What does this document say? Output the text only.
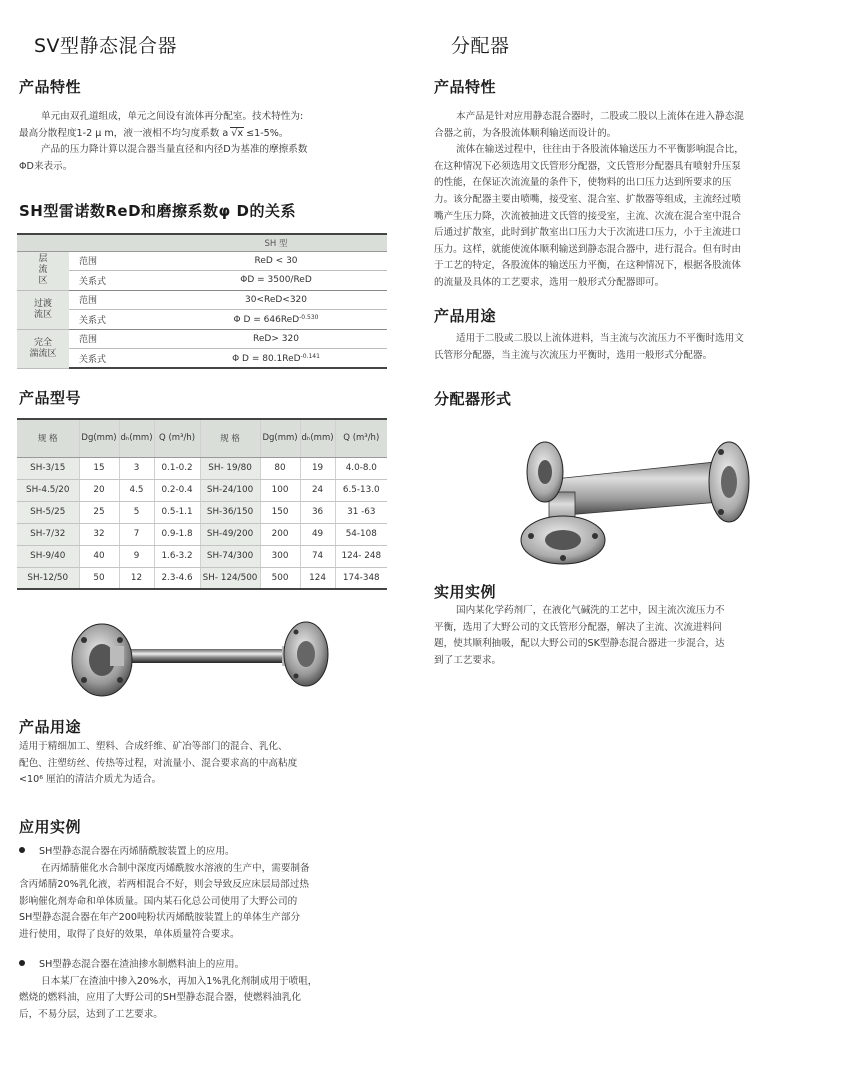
SV型静态混合器
产品特性
单元由双孔道组成，单元之间设有流体再分配室。技术特性为:
最高分散程度1-2 μ m，液一液相不均匀度系数 a √x ≤1-5%。
产品的压力降计算以混合器当量直径和内径D为基准的摩擦系数
ΦD来表示。
SH型雷诺数ReD和磨擦系数φ D的关系
		SH 型
层
流
区	范围	ReD < 30
	关系式	ΦD = 3500/ReD
过渡
流区	范围	30<ReD<320
	关系式	Φ D = 646ReD$^{-0.530}$
完全
湍流区	范围	ReD> 320
	关系式	Φ D = 80.1ReD$^{-0.141}$
产品型号
规 格	Dg(mm)	dₕ(mm)	Q (m³/h)	规 格	Dg(mm)	dₕ(mm)	Q (m³/h)
SH-3/15	15	3	0.1-0.2	SH- 19/80	80	19	4.0-8.0
SH-4.5/20	20	4.5	0.2-0.4	SH-24/100	100	24	6.5-13.0
SH-5/25	25	5	0.5-1.1	SH-36/150	150	36	31 -63
SH-7/32	32	7	0.9-1.8	SH-49/200	200	49	54-108
SH-9/40	40	9	1.6-3.2	SH-74/300	300	74	124- 248
SH-12/50	50	12	2.3-4.6	SH- 124/500	500	124	174-348
产品用途
适用于精细加工、塑料、合成纤维、矿冶等部门的混合、乳化、
配色、注塑纺丝、传热等过程，对流量小、混合要求高的中高粘度
<10⁶ 厘泊的清洁介质尤为适合。
应用实例
SH型静态混合器在丙烯腈酰胺装置上的应用。
在丙烯腈催化水合制中深度丙烯酰胺水溶液的生产中，需要制备
含丙烯腈20%乳化液，若两相混合不好，则会导致反应床层局部过热
影响催化剂寿命和单体质量。国内某石化总公司使用了大野公司的
SH型静态混合器在年产200吨粉状丙烯酰胺装置上的单体生产部分
进行使用，取得了良好的效果，单体质量符合要求。
SH型静态混合器在渣油掺水制燃料油上的应用。
日本某厂在渣油中掺入20%水，再加入1%乳化剂制成用于喷咀，
燃烧的燃料油，应用了大野公司的SH型静态混合器，使燃料油乳化
后，不易分层，达到了工艺要求。
分配器
产品特性
本产品是针对应用静态混合器时，二股或二股以上流体在进入静态混
合器之前，为各股流体顺利输送而设计的。
流体在输送过程中，往往由于各股流体输送压力不平衡影响混合比，
在这种情况下必须选用文氏管形分配器，文氏管形分配器具有喷射升压泵
的性能，在保证次流流量的条件下，使物料的出口压力达到所要求的压
力。该分配器主要由喷嘴，接受室、混合室、扩散器等组成，主流经过喷
嘴产生压力降，次流被抽进文氏管的接受室，主流、次流在混合室中混合
后通过扩散室，此时到扩散室出口压力大于次流进口压力，小于主流进口
压力。这样，就能使流体顺利输送到静态混合器中，进行混合。但有时由
于工艺的特定，各股流体的输送压力平衡，在这种情况下，根据各股流体
的流量及具体的工艺要求，选用一般形式分配器即可。
产品用途
适用于二股或二股以上流体进料，当主流与次流压力不平衡时选用文
氏管形分配器，当主流与次流压力平衡时，选用一般形式分配器。
分配器形式
实用实例
国内某化学药剂厂，在液化气碱洗的工艺中，因主流次流压力不
平衡，选用了大野公司的文氏管形分配器，解决了主流、次流进料问
题，使其顺利抽吸，配以大野公司的SK型静态混合器进一步混合，达
到了工艺要求。
